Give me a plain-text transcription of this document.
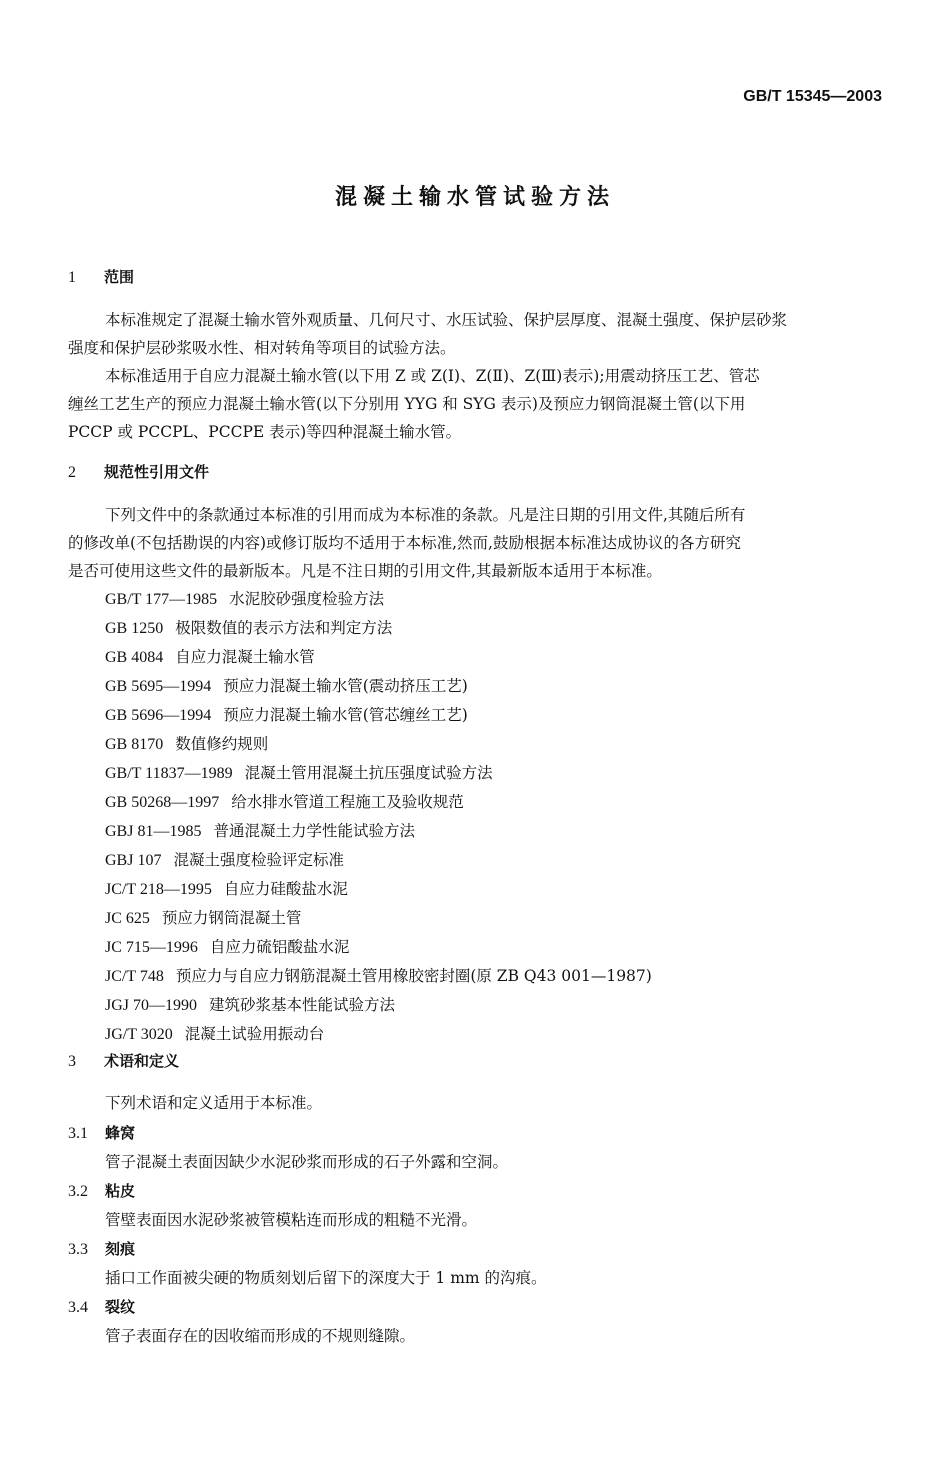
GB/T 15345—2003
混凝土输水管试验方法
1 范围
本标准规定了混凝土输水管外观质量、几何尺寸、水压试验、保护层厚度、混凝土强度、保护层砂浆
强度和保护层砂浆吸水性、相对转角等项目的试验方法。
本标准适用于自应力混凝土输水管(以下用 Z 或 Z(Ⅰ)、Z(Ⅱ)、Z(Ⅲ)表示);用震动挤压工艺、管芯
缠丝工艺生产的预应力混凝土输水管(以下分别用 YYG 和 SYG 表示)及预应力钢筒混凝土管(以下用
PCCP 或 PCCPL、PCCPE 表示)等四种混凝土输水管。
2 规范性引用文件
下列文件中的条款通过本标准的引用而成为本标准的条款。凡是注日期的引用文件,其随后所有
的修改单(不包括勘误的内容)或修订版均不适用于本标准,然而,鼓励根据本标准达成协议的各方研究
是否可使用这些文件的最新版本。凡是不注日期的引用文件,其最新版本适用于本标准。
GB/T 177—1985 水泥胶砂强度检验方法
GB 1250 极限数值的表示方法和判定方法
GB 4084 自应力混凝土输水管
GB 5695—1994 预应力混凝土输水管(震动挤压工艺)
GB 5696—1994 预应力混凝土输水管(管芯缠丝工艺)
GB 8170 数值修约规则
GB/T 11837—1989 混凝土管用混凝土抗压强度试验方法
GB 50268—1997 给水排水管道工程施工及验收规范
GBJ 81—1985 普通混凝土力学性能试验方法
GBJ 107 混凝土强度检验评定标准
JC/T 218—1995 自应力硅酸盐水泥
JC 625 预应力钢筒混凝土管
JC 715—1996 自应力硫铝酸盐水泥
JC/T 748 预应力与自应力钢筋混凝土管用橡胶密封圈(原 ZB Q43 001—1987)
JGJ 70—1990 建筑砂浆基本性能试验方法
JG/T 3020 混凝土试验用振动台
3 术语和定义
下列术语和定义适用于本标准。
3.1 蜂窝
管子混凝土表面因缺少水泥砂浆而形成的石子外露和空洞。
3.2 粘皮
管壁表面因水泥砂浆被管模粘连而形成的粗糙不光滑。
3.3 刻痕
插口工作面被尖硬的物质刻划后留下的深度大于 1 mm 的沟痕。
3.4 裂纹
管子表面存在的因收缩而形成的不规则缝隙。
